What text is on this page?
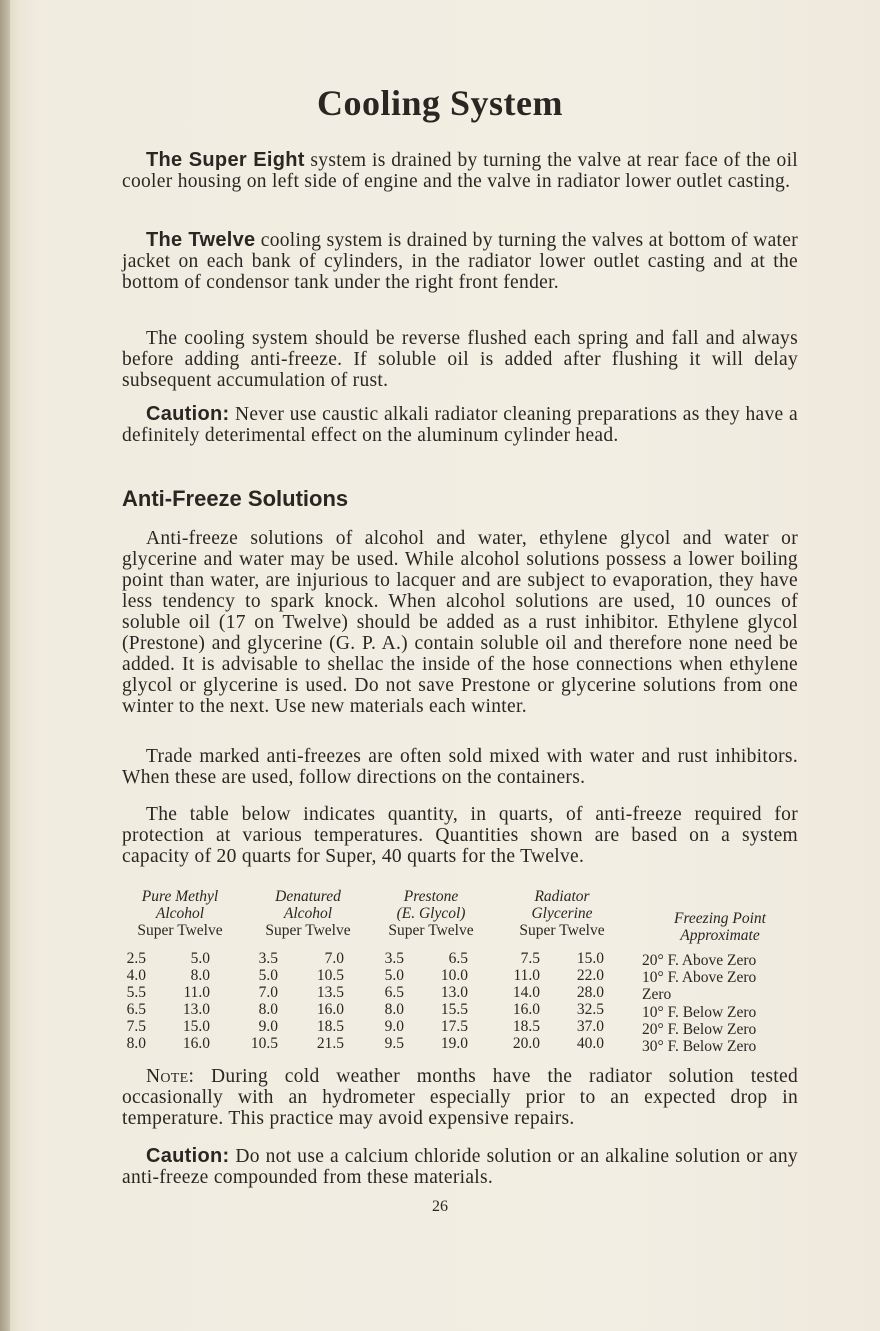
Cooling System
The Super Eight system is drained by turning the valve at rear face of the oil cooler housing on left side of engine and the valve in radiator lower outlet casting.
The Twelve cooling system is drained by turning the valves at bottom of water jacket on each bank of cylinders, in the radiator lower outlet casting and at the bottom of condensor tank under the right front fender.
The cooling system should be reverse flushed each spring and fall and always before adding anti-freeze. If soluble oil is added after flushing it will delay subsequent accumulation of rust.
Caution: Never use caustic alkali radiator cleaning preparations as they have a definitely deterimental effect on the aluminum cylinder head.
Anti-Freeze Solutions
Anti-freeze solutions of alcohol and water, ethylene glycol and water or glycerine and water may be used. While alcohol solutions possess a lower boiling point than water, are injurious to lacquer and are subject to evaporation, they have less tendency to spark knock. When alcohol solutions are used, 10 ounces of soluble oil (17 on Twelve) should be added as a rust inhibitor. Ethylene glycol (Prestone) and glycerine (G. P. A.) contain soluble oil and therefore none need be added. It is advisable to shellac the inside of the hose connections when ethylene glycol or glycerine is used. Do not save Prestone or glycerine solutions from one winter to the next. Use new materials each winter.
Trade marked anti-freezes are often sold mixed with water and rust inhibitors. When these are used, follow directions on the containers.
The table below indicates quantity, in quarts, of anti-freeze required for protection at various temperatures. Quantities shown are based on a system capacity of 20 quarts for Super, 40 quarts for the Twelve.
Pure Methyl
Alcohol
Super Twelve
2.5
4.0
5.5
6.5
7.5
8.0
5.0
8.0
11.0
13.0
15.0
16.0
Denatured
Alcohol
Super Twelve
3.5
5.0
7.0
8.0
9.0
10.5
7.0
10.5
13.5
16.0
18.5
21.5
Prestone
(E. Glycol)
Super Twelve
3.5
5.0
6.5
8.0
9.0
9.5
6.5
10.0
13.0
15.5
17.5
19.0
Radiator
Glycerine
Super Twelve
7.5
11.0
14.0
16.0
18.5
20.0
15.0
22.0
28.0
32.5
37.0
40.0
Freezing Point
Approximate
20° F. Above Zero
10° F. Above Zero
Zero
10° F. Below Zero
20° F. Below Zero
30° F. Below Zero
Note: During cold weather months have the radiator solution tested occasionally with an hydrometer especially prior to an expected drop in temperature. This practice may avoid expensive repairs.
Caution: Do not use a calcium chloride solution or an alkaline solution or any anti-freeze compounded from these materials.
26
